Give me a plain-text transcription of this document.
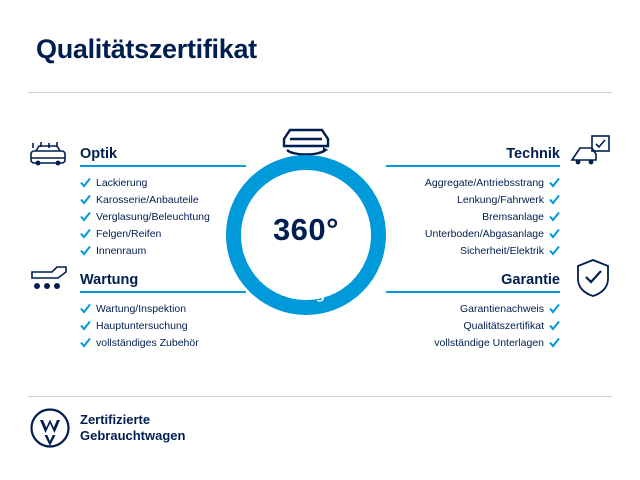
Qualitätszertifikat
Gebrauchtwagen-Check
360°
Optik
Lackierung
Karosserie/Anbauteile
Verglasung/Beleuchtung
Felgen/Reifen
Innenraum
Wartung
Wartung/Inspektion
Hauptuntersuchung
vollständiges Zubehör
Technik
Aggregate/Antriebsstrang
Lenkung/Fahrwerk
Bremsanlage
Unterboden/Abgasanlage
Sicherheit/Elektrik
Garantie
Garantienachweis
Qualitätszertifikat
vollständige Unterlagen
Zertifizierte
Gebrauchtwagen
